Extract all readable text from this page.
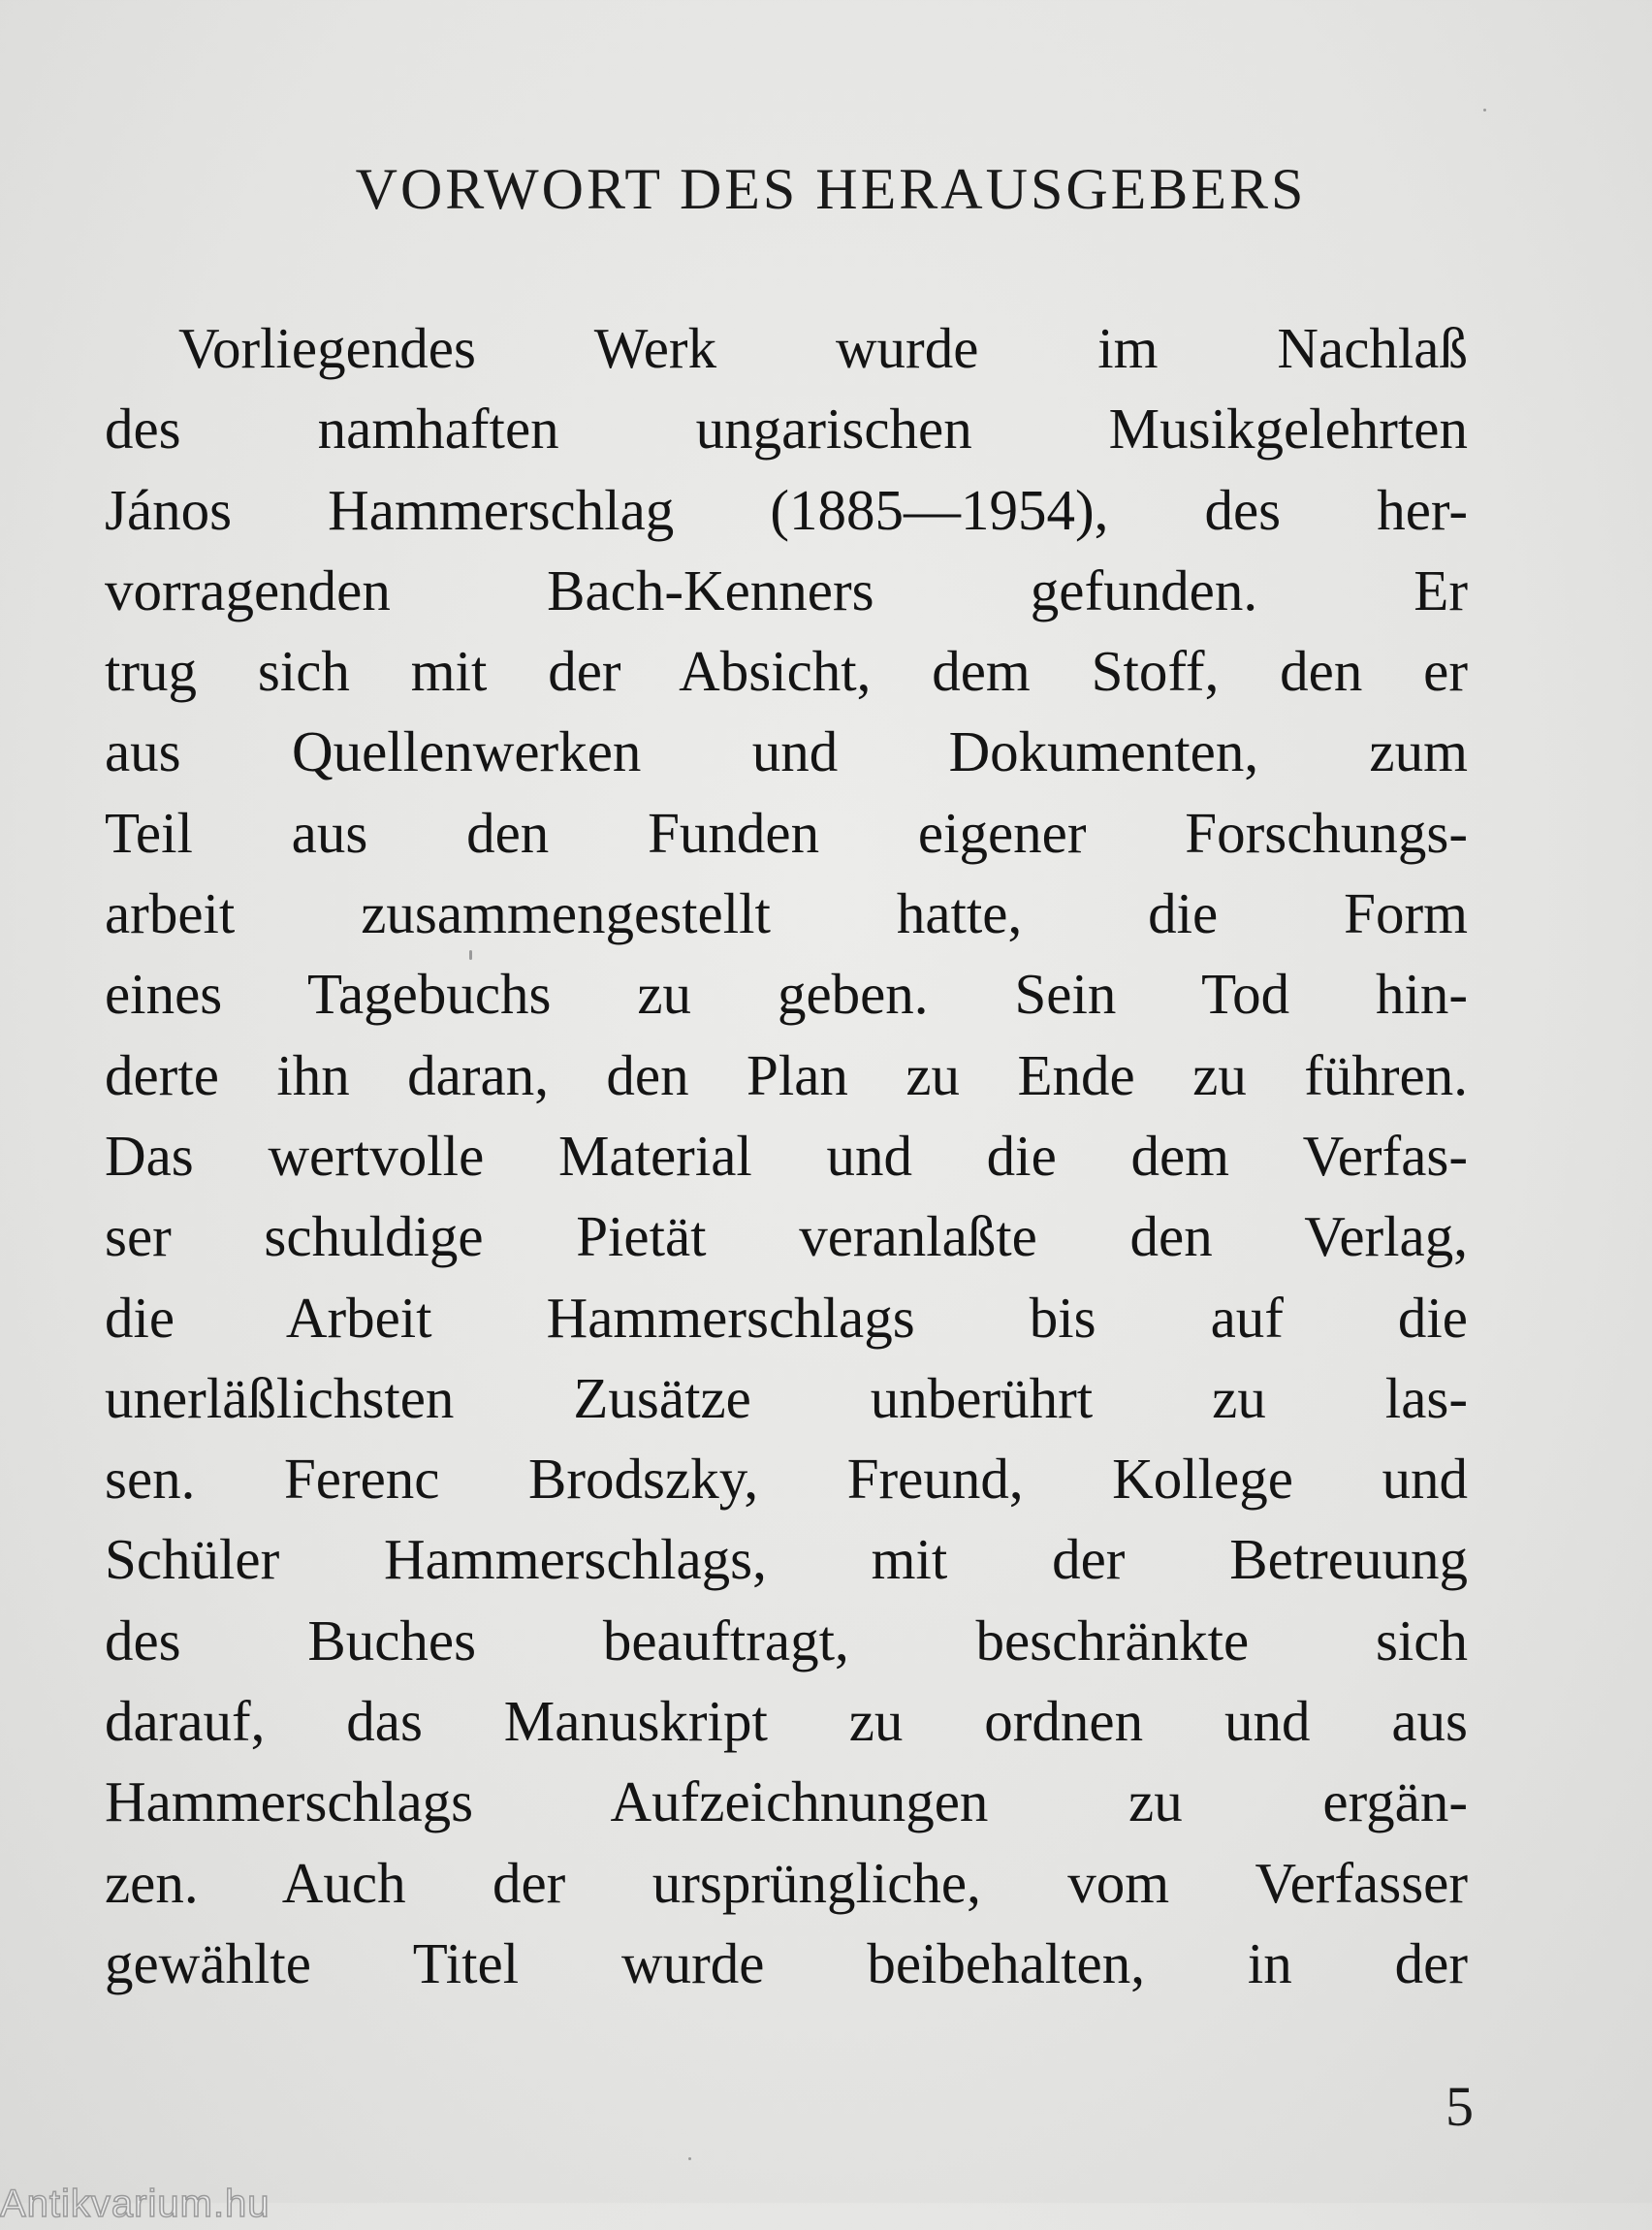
VORWORT DES HERAUSGEBERS
Vorliegendes Werk wurde im Nachlaß
des namhaften ungarischen Musikgelehrten
János Hammerschlag (1885—1954), des her-
vorragenden Bach-Kenners gefunden. Er
trug sich mit der Absicht, dem Stoff, den er
aus Quellenwerken und Dokumenten, zum
Teil aus den Funden eigener Forschungs-
arbeit zusammengestellt hatte, die Form
eines Tagebuchs zu geben. Sein Tod hin-
derte ihn daran, den Plan zu Ende zu führen.
Das wertvolle Material und die dem Verfas-
ser schuldige Pietät veranlaßte den Verlag,
die Arbeit Hammerschlags bis auf die
unerläßlichsten Zusätze unberührt zu las-
sen. Ferenc Brodszky, Freund, Kollege und
Schüler Hammerschlags, mit der Betreuung
des Buches beauftragt, beschränkte sich
darauf, das Manuskript zu ordnen und aus
Hammerschlags Aufzeichnungen zu ergän-
zen. Auch der ursprüngliche, vom Verfasser
gewählte Titel wurde beibehalten, in der
5
Antikvarium.hu
